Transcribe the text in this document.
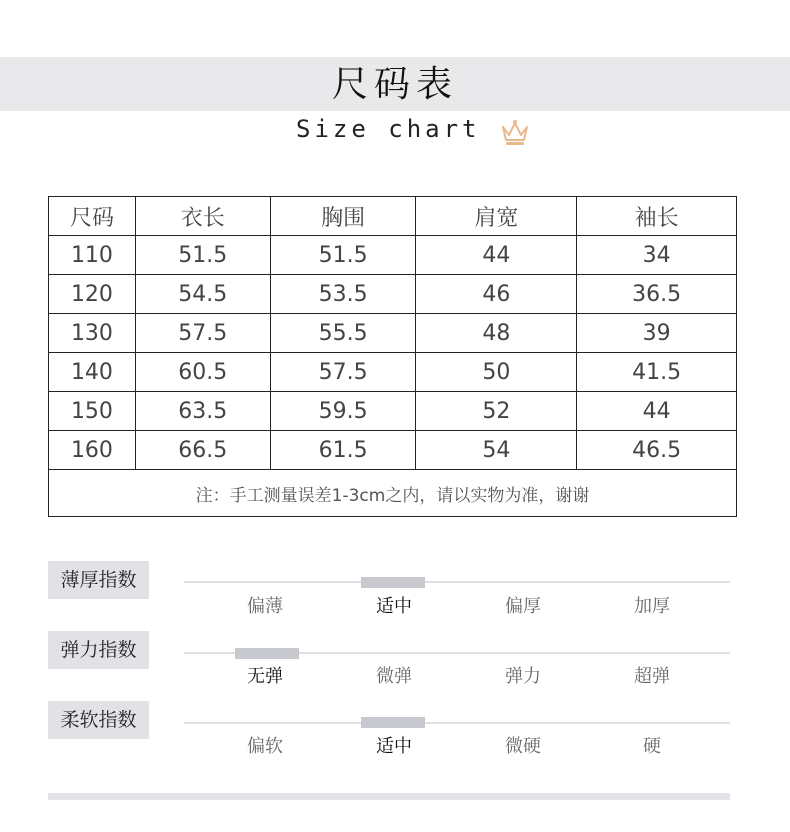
尺码表
Size chart
尺码	衣长	胸围	肩宽	袖长
110	51.5	51.5	44	34
120	54.5	53.5	46	36.5
130	57.5	55.5	48	39
140	60.5	57.5	50	41.5
150	63.5	59.5	52	44
160	66.5	61.5	54	46.5
注：手工测量误差1-3cm之内，请以实物为准，谢谢				
薄厚指数
偏薄	适中	偏厚	加厚
弹力指数
无弹	微弹	弹力	超弹
柔软指数
偏软	适中	微硬	硬
